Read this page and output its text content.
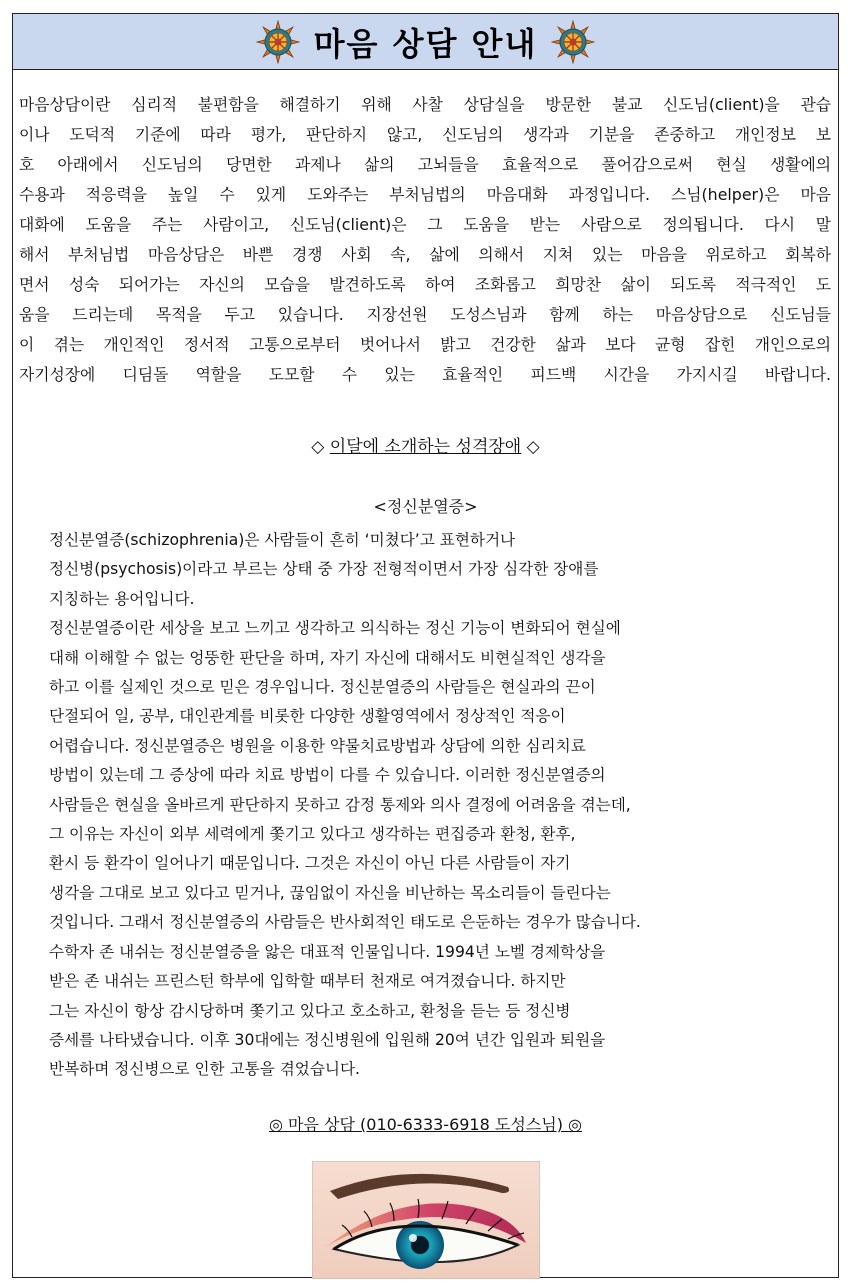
마음 상담 안내
마음상담이란 심리적 불편함을 해결하기 위해 사찰 상담실을 방문한 불교 신도님(client)을 관습
이나 도덕적 기준에 따라 평가, 판단하지 않고, 신도님의 생각과 기분을 존중하고 개인정보 보
호 아래에서 신도님의 당면한 과제나 삶의 고뇌들을 효율적으로 풀어감으로써 현실 생활에의
수용과 적응력을 높일 수 있게 도와주는 부처님법의 마음대화 과정입니다. 스님(helper)은 마음
대화에 도움을 주는 사람이고, 신도님(client)은 그 도움을 받는 사람으로 정의됩니다. 다시 말
해서 부처님법 마음상담은 바쁜 경쟁 사회 속, 삶에 의해서 지쳐 있는 마음을 위로하고 회복하
면서 성숙 되어가는 자신의 모습을 발견하도록 하여 조화롭고 희망찬 삶이 되도록 적극적인 도
움을 드리는데 목적을 두고 있습니다. 지장선원 도성스님과 함께 하는 마음상담으로 신도님들
이 겪는 개인적인 정서적 고통으로부터 벗어나서 밝고 건강한 삶과 보다 균형 잡힌 개인으로의
자기성장에 디딤돌 역할을 도모할 수 있는 효율적인 피드백 시간을 가지시길 바랍니다.
◇ 이달에 소개하는 성격장애 ◇
<정신분열증>
정신분열증(schizophrenia)은 사람들이 흔히 ‘미쳤다’고 표현하거나
정신병(psychosis)이라고 부르는 상태 중 가장 전형적이면서 가장 심각한 장애를
지칭하는 용어입니다.
정신분열증이란 세상을 보고 느끼고 생각하고 의식하는 정신 기능이 변화되어 현실에
대해 이해할 수 없는 엉뚱한 판단을 하며, 자기 자신에 대해서도 비현실적인 생각을
하고 이를 실제인 것으로 믿은 경우입니다. 정신분열증의 사람들은 현실과의 끈이
단절되어 일, 공부, 대인관계를 비롯한 다양한 생활영역에서 정상적인 적응이
어렵습니다. 정신분열증은 병원을 이용한 약물치료방법과 상담에 의한 심리치료
방법이 있는데 그 증상에 따라 치료 방법이 다를 수 있습니다. 이러한 정신분열증의
사람들은 현실을 올바르게 판단하지 못하고 감정 통제와 의사 결정에 어려움을 겪는데,
그 이유는 자신이 외부 세력에게 쫓기고 있다고 생각하는 편집증과 환청, 환후,
환시 등 환각이 일어나기 때문입니다. 그것은 자신이 아닌 다른 사람들이 자기
생각을 그대로 보고 있다고 믿거나, 끊임없이 자신을 비난하는 목소리들이 들린다는
것입니다. 그래서 정신분열증의 사람들은 반사회적인 태도로 은둔하는 경우가 많습니다.
수학자 존 내쉬는 정신분열증을 앓은 대표적 인물입니다. 1994년 노벨 경제학상을
받은 존 내쉬는 프린스턴 학부에 입학할 때부터 천재로 여겨졌습니다. 하지만
그는 자신이 항상 감시당하며 쫓기고 있다고 호소하고, 환청을 듣는 등 정신병
증세를 나타냈습니다. 이후 30대에는 정신병원에 입원해 20여 년간 입원과 퇴원을
반복하며 정신병으로 인한 고통을 겪었습니다.
◎ 마음 상담 (010-6333-6918 도성스님) ◎
